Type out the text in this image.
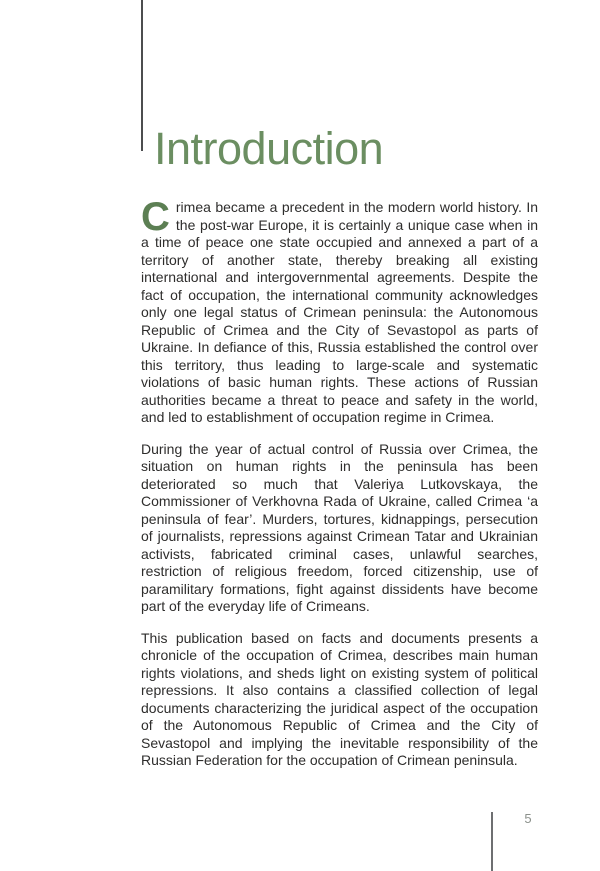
Introduction

Crimea became a precedent in the modern world history. In the post-war Europe, it is certainly a unique case when in a time of peace one state occupied and annexed a part of a territory of another state, thereby breaking all existing international and intergovernmental agreements. Despite the fact of occupation, the international community acknowledges only one legal status of Crimean peninsula: the Autonomous Republic of Crimea and the City of Sevastopol as parts of Ukraine. In defiance of this, Russia established the control over this territory, thus leading to large-scale and systematic violations of basic human rights. These actions of Russian authorities became a threat to peace and safety in the world, and led to establishment of occupation regime in Crimea.

During the year of actual control of Russia over Crimea, the situation on human rights in the peninsula has been deteriorated so much that Valeriya Lutkovskaya, the Commissioner of Verkhovna Rada of Ukraine, called Crimea ‘a peninsula of fear’. Murders, tortures, kidnappings, persecution of journalists, repressions against Crimean Tatar and Ukrainian activists, fabricated criminal cases, unlawful searches, restriction of religious freedom, forced citizenship, use of paramilitary formations, fight against dissidents have become part of the everyday life of Crimeans.

This publication based on facts and documents presents a chronicle of the occupation of Crimea, describes main human rights violations, and sheds light on existing system of political repressions. It also contains a classified collection of legal documents characterizing the juridical aspect of the occupation of the Autonomous Republic of Crimea and the City of Sevastopol and implying the inevitable responsibility of the Russian Federation for the occupation of Crimean peninsula.

5
